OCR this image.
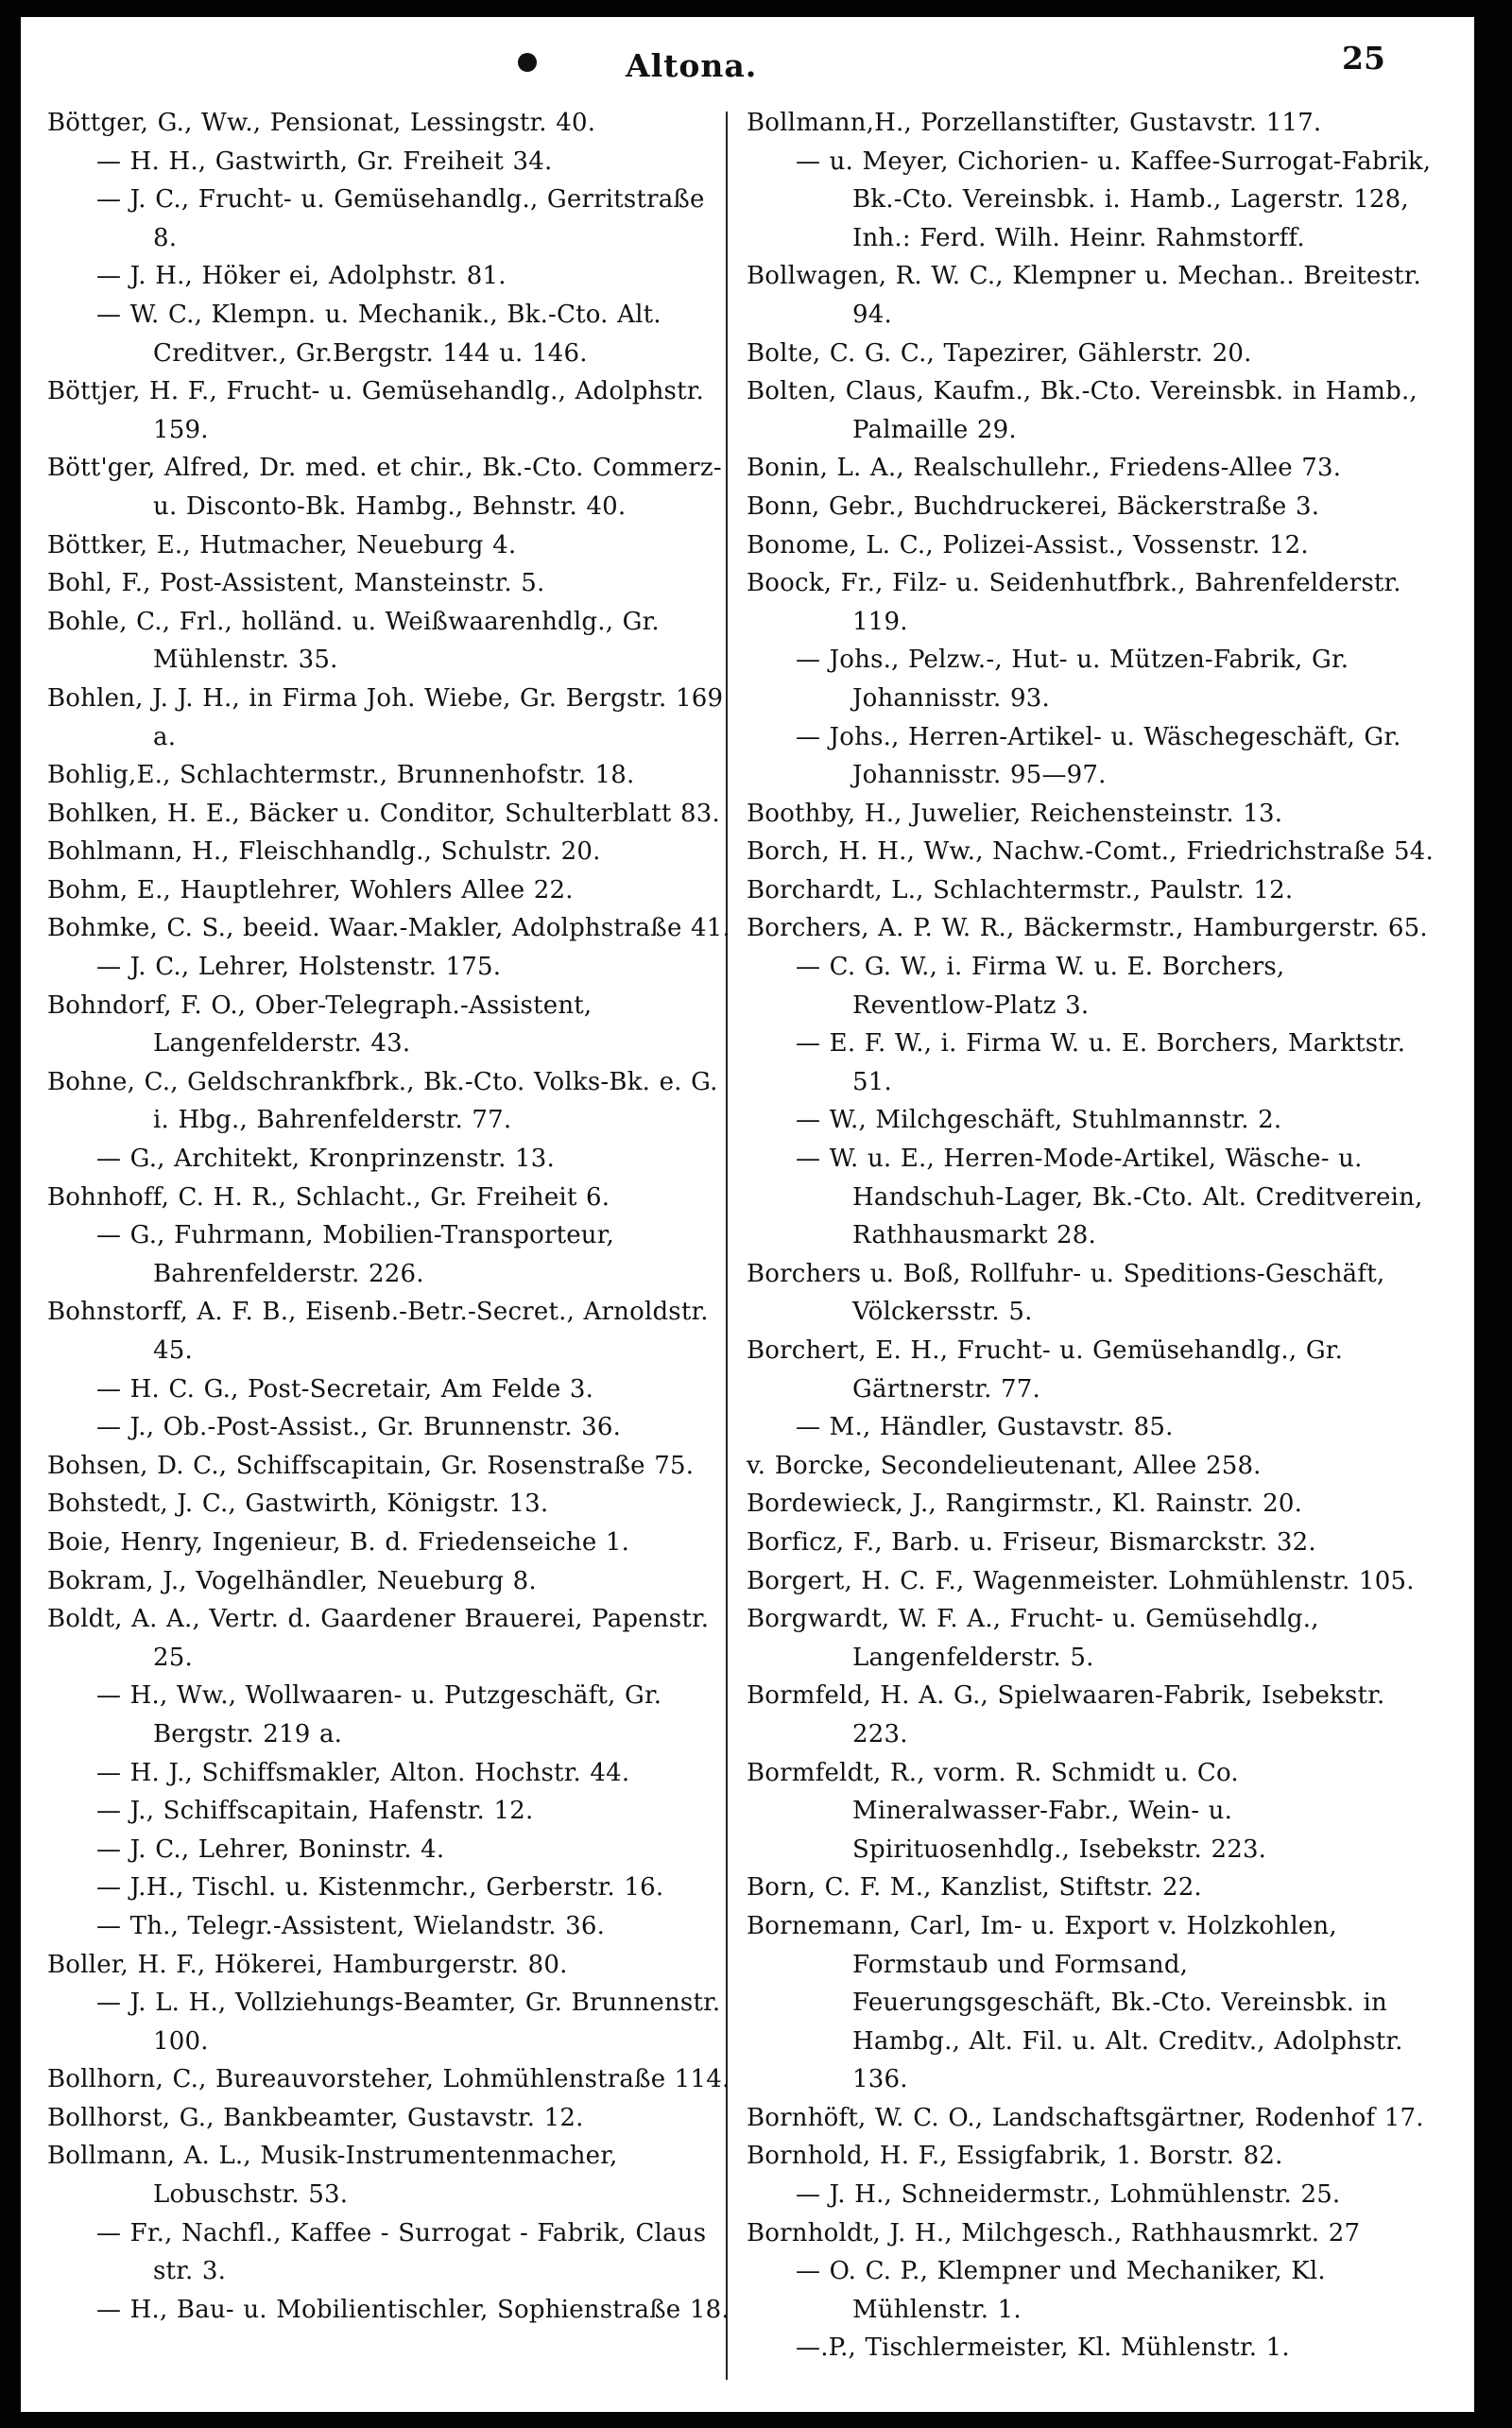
Altona.	25
Böttger, G., Ww., Pensionat, Lessingstr. 40.
— H. H., Gastwirth, Gr. Freiheit 34.
— J. C., Frucht- u. Gemüsehandlg., Gerritstraße 8.
— J. H., Höker ei, Adolphstr. 81.
— W. C., Klempn. u. Mechanik., Bk.-Cto. Alt. Creditver., Gr.Bergstr. 144 u. 146.
Böttjer, H. F., Frucht- u. Gemüsehandlg., Adolphstr. 159.
Bött'ger, Alfred, Dr. med. et chir., Bk.-Cto. Commerz- u. Disconto-Bk. Hambg., Behnstr. 40.
Böttker, E., Hutmacher, Neueburg 4.
Bohl, F., Post-Assistent, Mansteinstr. 5.
Bohle, C., Frl., holländ. u. Weißwaarenhdlg., Gr. Mühlenstr. 35.
Bohlen, J. J. H., in Firma Joh. Wiebe, Gr. Bergstr. 169 a.
Bohlig,E., Schlachtermstr., Brunnenhofstr. 18.
Bohlken, H. E., Bäcker u. Conditor, Schulterblatt 83.
Bohlmann, H., Fleischhandlg., Schulstr. 20.
Bohm, E., Hauptlehrer, Wohlers Allee 22.
Bohmke, C. S., beeid. Waar.-Makler, Adolphstraße 41.
— J. C., Lehrer, Holstenstr. 175.
Bohndorf, F. O., Ober-Telegraph.-Assistent, Langenfelderstr. 43.
Bohne, C., Geldschrankfbrk., Bk.-Cto. Volks-Bk. e. G. i. Hbg., Bahrenfelderstr. 77.
— G., Architekt, Kronprinzenstr. 13.
Bohnhoff, C. H. R., Schlacht., Gr. Freiheit 6.
— G., Fuhrmann, Mobilien-Transporteur, Bahrenfelderstr. 226.
Bohnstorff, A. F. B., Eisenb.-Betr.-Secret., Arnoldstr. 45.
— H. C. G., Post-Secretair, Am Felde 3.
— J., Ob.-Post-Assist., Gr. Brunnenstr. 36.
Bohsen, D. C., Schiffscapitain, Gr. Rosenstraße 75.
Bohstedt, J. C., Gastwirth, Königstr. 13.
Boie, Henry, Ingenieur, B. d. Friedenseiche 1.
Bokram, J., Vogelhändler, Neueburg 8.
Boldt, A. A., Vertr. d. Gaardener Brauerei, Papenstr. 25.
— H., Ww., Wollwaaren- u. Putzgeschäft, Gr. Bergstr. 219 a.
— H. J., Schiffsmakler, Alton. Hochstr. 44.
— J., Schiffscapitain, Hafenstr. 12.
— J. C., Lehrer, Boninstr. 4.
— J.H., Tischl. u. Kistenmchr., Gerberstr. 16.
— Th., Telegr.-Assistent, Wielandstr. 36.
Boller, H. F., Hökerei, Hamburgerstr. 80.
— J. L. H., Vollziehungs-Beamter, Gr. Brunnenstr. 100.
Bollhorn, C., Bureauvorsteher, Lohmühlenstraße 114.
Bollhorst, G., Bankbeamter, Gustavstr. 12.
Bollmann, A. L., Musik-Instrumentenmacher, Lobuschstr. 53.
— Fr., Nachfl., Kaffee - Surrogat - Fabrik, Claus str. 3.
— H., Bau- u. Mobilientischler, Sophienstraße 18.
Bollmann,H., Porzellanstifter, Gustavstr. 117.
— u. Meyer, Cichorien- u. Kaffee-Surrogat-Fabrik, Bk.-Cto. Vereinsbk. i. Hamb., Lagerstr. 128, Inh.: Ferd. Wilh. Heinr. Rahmstorff.
Bollwagen, R. W. C., Klempner u. Mechan.. Breitestr. 94.
Bolte, C. G. C., Tapezirer, Gählerstr. 20.
Bolten, Claus, Kaufm., Bk.-Cto. Vereinsbk. in Hamb., Palmaille 29.
Bonin, L. A., Realschullehr., Friedens-Allee 73.
Bonn, Gebr., Buchdruckerei, Bäckerstraße 3.
Bonome, L. C., Polizei-Assist., Vossenstr. 12.
Boock, Fr., Filz- u. Seidenhutfbrk., Bahrenfelderstr. 119.
— Johs., Pelzw.-, Hut- u. Mützen-Fabrik, Gr. Johannisstr. 93.
— Johs., Herren-Artikel- u. Wäschegeschäft, Gr. Johannisstr. 95—97.
Boothby, H., Juwelier, Reichensteinstr. 13.
Borch, H. H., Ww., Nachw.-Comt., Friedrichstraße 54.
Borchardt, L., Schlachtermstr., Paulstr. 12.
Borchers, A. P. W. R., Bäckermstr., Hamburgerstr. 65.
— C. G. W., i. Firma W. u. E. Borchers, Reventlow-Platz 3.
— E. F. W., i. Firma W. u. E. Borchers, Marktstr. 51.
— W., Milchgeschäft, Stuhlmannstr. 2.
— W. u. E., Herren-Mode-Artikel, Wäsche- u. Handschuh-Lager, Bk.-Cto. Alt. Creditverein, Rathhausmarkt 28.
Borchers u. Boß, Rollfuhr- u. Speditions-Geschäft, Völckersstr. 5.
Borchert, E. H., Frucht- u. Gemüsehandlg., Gr. Gärtnerstr. 77.
— M., Händler, Gustavstr. 85.
v. Borcke, Secondelieutenant, Allee 258.
Bordewieck, J., Rangirmstr., Kl. Rainstr. 20.
Borficz, F., Barb. u. Friseur, Bismarckstr. 32.
Borgert, H. C. F., Wagenmeister. Lohmühlenstr. 105.
Borgwardt, W. F. A., Frucht- u. Gemüsehdlg., Langenfelderstr. 5.
Bormfeld, H. A. G., Spielwaaren-Fabrik, Isebekstr. 223.
Bormfeldt, R., vorm. R. Schmidt u. Co. Mineralwasser-Fabr., Wein- u. Spirituosenhdlg., Isebekstr. 223.
Born, C. F. M., Kanzlist, Stiftstr. 22.
Bornemann, Carl, Im- u. Export v. Holzkohlen, Formstaub und Formsand, Feuerungsgeschäft, Bk.-Cto. Vereinsbk. in Hambg., Alt. Fil. u. Alt. Creditv., Adolphstr. 136.
Bornhöft, W. C. O., Landschaftsgärtner, Rodenhof 17.
Bornhold, H. F., Essigfabrik, 1. Borstr. 82.
— J. H., Schneidermstr., Lohmühlenstr. 25.
Bornholdt, J. H., Milchgesch., Rathhausmrkt. 27
— O. C. P., Klempner und Mechaniker, Kl. Mühlenstr. 1.
—.P., Tischlermeister, Kl. Mühlenstr. 1.
